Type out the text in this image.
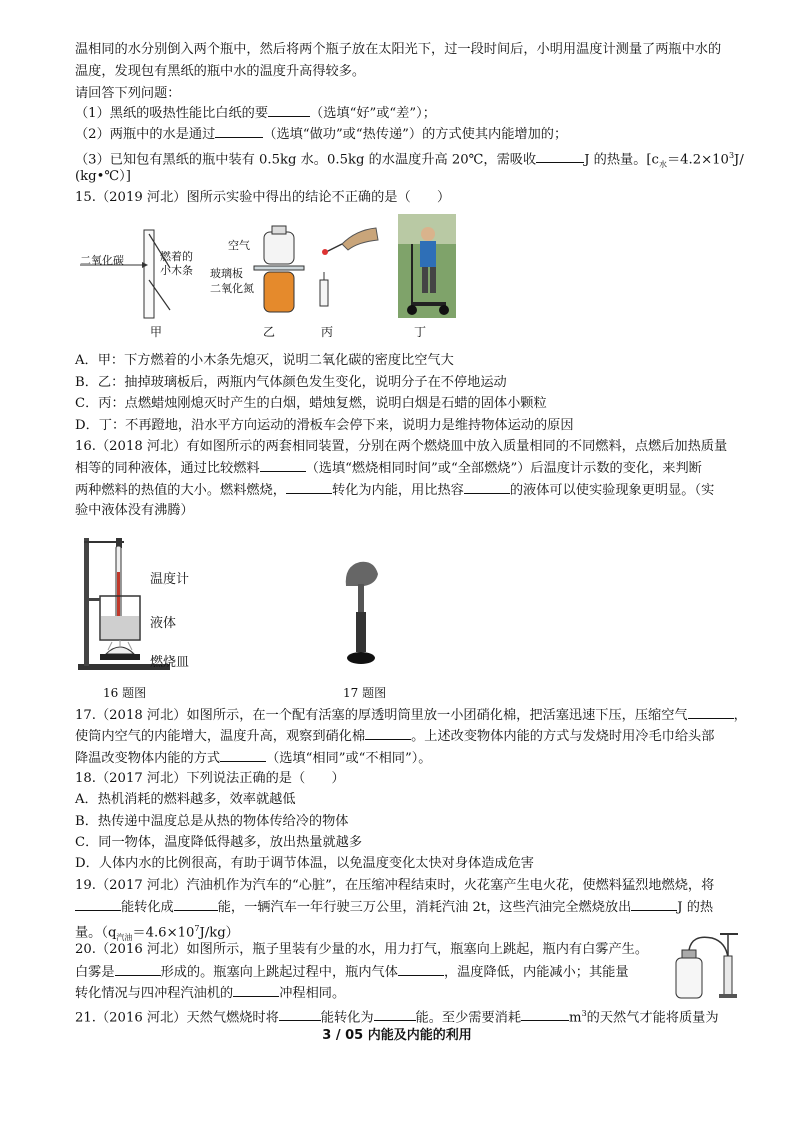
温相同的水分别倒入两个瓶中，然后将两个瓶子放在太阳光下，过一段时间后，小明用温度计测量了两瓶中水的
温度，发现包有黑纸的瓶中水的温度升高得较多。
请回答下列问题：
（1）黑纸的吸热性能比白纸的要	（选填“好”或“差”）；
（2）两瓶中的水是通过	（选填“做功”或“热传递”）的方式使其内能增加的；
（3）已知包有黑纸的瓶中装有 0.5kg 水。0.5kg 的水温度升高 20℃，需吸收	J 的热量。[$c_水=4.2\times 10^3J/$
(kg•℃）]
15.（2019 河北）图所示实验中得出的结论不正确的是（　　）
二氧化碳	燃着的
小木条
甲
空气
玻璃板
二氧化氮
乙	丙	丁
A．甲：下方燃着的小木条先熄灭，说明二氧化碳的密度比空气大
B．乙：抽掉玻璃板后，两瓶内气体颜色发生变化，说明分子在不停地运动
C．丙：点燃蜡烛刚熄灭时产生的白烟，蜡烛复燃，说明白烟是石蜡的固体小颗粒
D．丁：不再蹬地，沿水平方向运动的滑板车会停下来，说明力是维持物体运动的原因
16.（2018 河北）有如图所示的两套相同装置，分别在两个燃烧皿中放入质量相同的不同燃料，点燃后加热质量
相等的同种液体，通过比较燃料	（选填“燃烧相同时间”或“全部燃烧”）后温度计示数的变化，来判断
两种燃料的热值的大小。燃料燃烧，	转化为内能，用比热容	的液体可以使实验现象更明显。（实
验中液体没有沸腾）
温度计
液体
燃烧皿
16 题图	17 题图
17.（2018 河北）如图所示，在一个配有活塞的厚透明筒里放一小团硝化棉，把活塞迅速下压，压缩空气	，
使筒内空气的内能增大，温度升高，观察到硝化棉	。上述改变物体内能的方式与发烧时用冷毛巾给头部
降温改变物体内能的方式	（选填“相同”或“不相同”）。
18.（2017 河北）下列说法正确的是（　　）
A．热机消耗的燃料越多，效率就越低
B．热传递中温度总是从热的物体传给冷的物体
C．同一物体，温度降低得越多，放出热量就越多
D．人体内水的比例很高，有助于调节体温，以免温度变化太快对身体造成危害
19.（2017 河北）汽油机作为汽车的“心脏”，在压缩冲程结束时，火花塞产生电火花，使燃料猛烈地燃烧，将
能转化成	能，一辆汽车一年行驶三万公里，消耗汽油 2t，这些汽油完全燃烧放出	J 的热
量。$(q_{汽油}=4.6\times 10^7J/kg)$
20.（2016 河北）如图所示，瓶子里装有少量的水，用力打气，瓶塞向上跳起，瓶内有白雾产生。
白雾是	形成的。瓶塞向上跳起过程中，瓶内气体	，温度降低，内能减小；其能量
转化情况与四冲程汽油机的	冲程相同。
21.（2016 河北）天然气燃烧时将	能转化为	能。至少需要消耗	$m^3$的天然气才能将质量为
3 / 05 内能及内能的利用
